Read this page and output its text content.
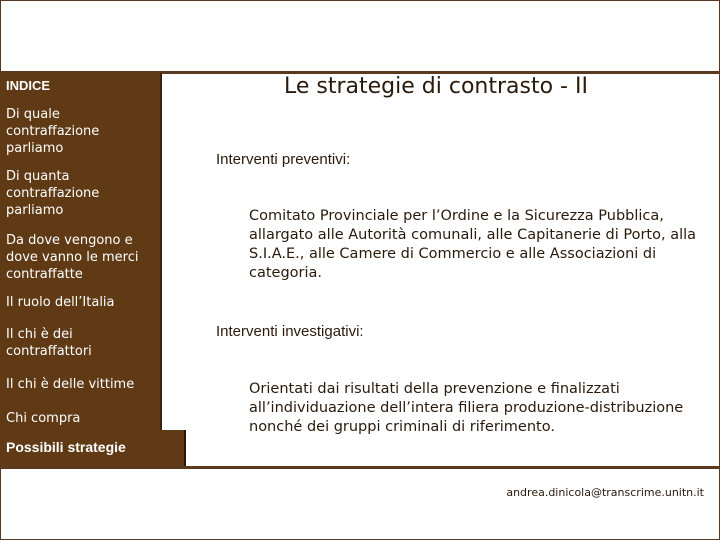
INDICE
Di quale contraffazione parliamo
Di quanta contraffazione parliamo
Da dove vengono e dove vanno le merci contraffatte
Il ruolo dell’Italia
Il chi è dei contraffattori
Il chi è delle vittime
Chi compra
Possibili strategie
Le strategie di contrasto - II
Interventi preventivi:
Comitato Provinciale per l’Ordine e la Sicurezza Pubblica, allargato alle Autorità comunali, alle Capitanerie di Porto, alla S.I.A.E., alle Camere di Commercio e alle Associazioni di categoria.
Interventi investigativi:
Orientati dai risultati della prevenzione e finalizzati all’individuazione dell’intera filiera produzione-distribuzione nonché dei gruppi criminali di riferimento.
andrea.dinicola@transcrime.unitn.it
